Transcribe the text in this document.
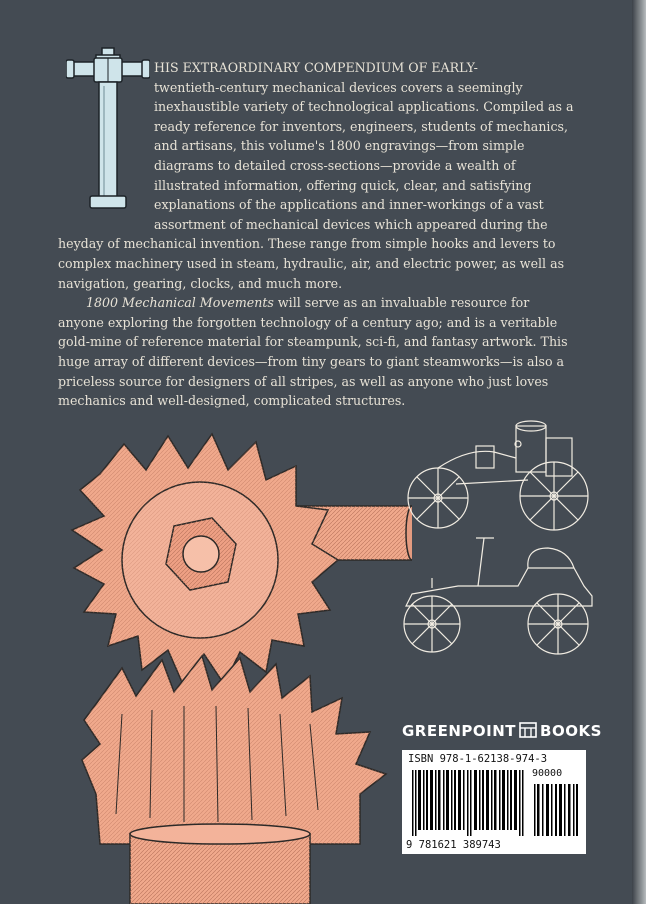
HIS EXTRAORDINARY COMPENDIUM OF EARLY-
twentieth-century mechanical devices covers a seemingly inexhaustible variety of technological applications. Compiled as a ready reference for inventors, engineers, students of mechanics, and artisans, this volume's 1800 engravings—from simple diagrams to detailed cross-sections—provide a wealth of illustrated information, offering quick, clear, and satisfying explanations of the applications and inner-workings of a vast assortment of mechanical devices which appeared during the heyday of mechanical invention. These range from simple hooks and levers to complex machinery used in steam, hydraulic, air, and electric power, as well as navigation, gearing, clocks, and much more.

1800 Mechanical Movements will serve as an invaluable resource for anyone exploring the forgotten technology of a century ago; and is a veritable gold-mine of reference material for steampunk, sci-fi, and fantasy artwork. This huge array of different devices—from tiny gears to giant steamworks—is also a priceless source for designers of all stripes, as well as anyone who just loves mechanics and well-designed, complicated structures.

GREENPOINT BOOKS
ISBN 978-1-62138-974-3
90000
9 781621 389743
